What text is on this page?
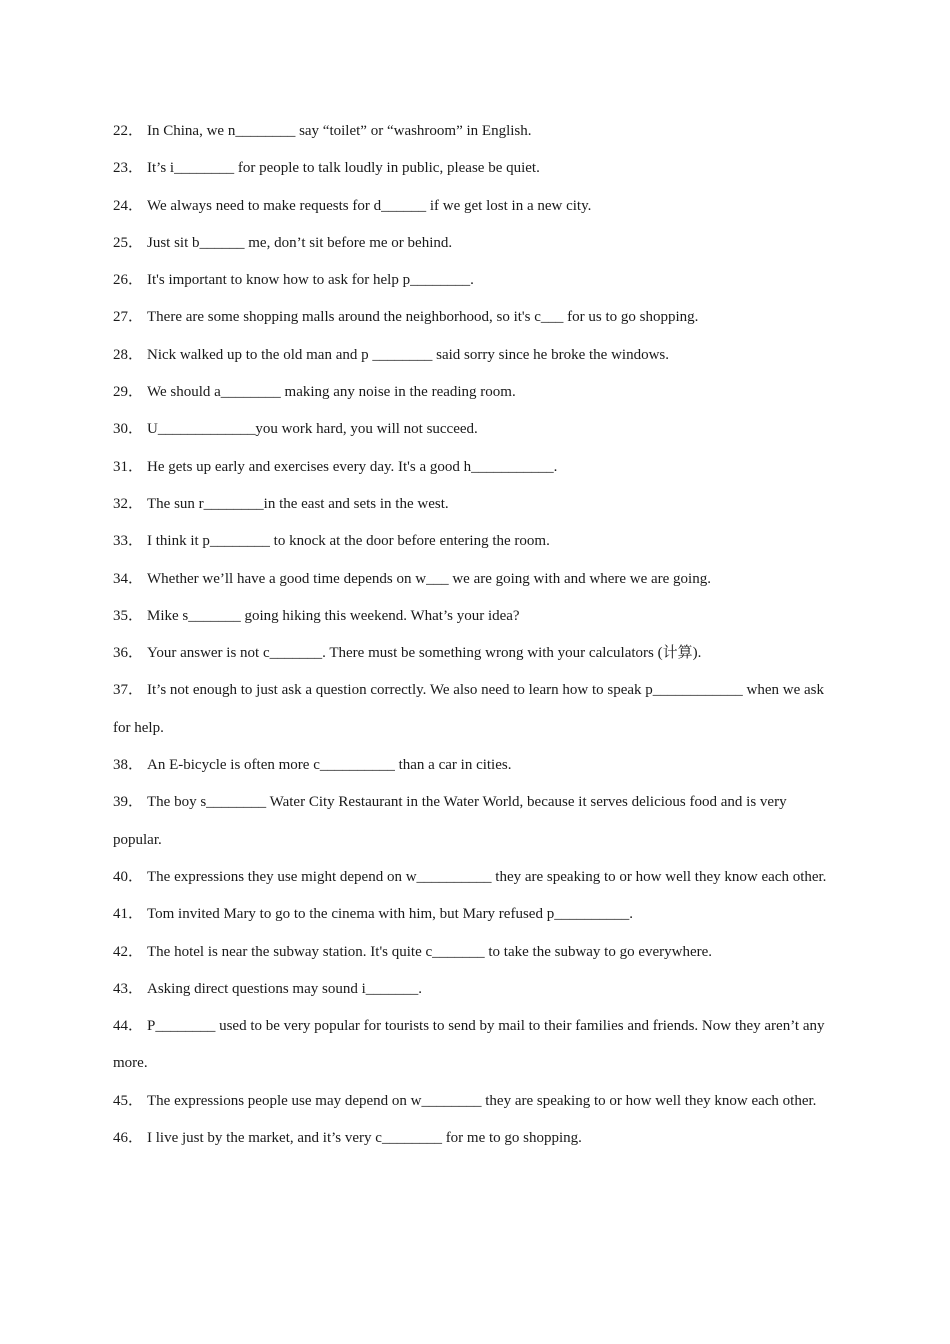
22． In China, we n________ say “toilet” or “washroom” in English.

23． It’s i________ for people to talk loudly in public, please be quiet.

24． We always need to make requests for d______ if we get lost in a new city.

25． Just sit b______ me, don’t sit before me or behind.

26． It's important to know how to ask for help p________.

27． There are some shopping malls around the neighborhood, so it's c___ for us to go shopping.

28． Nick walked up to the old man and p ________ said sorry since he broke the windows.

29． We should a________ making any noise in the reading room.

30． U_____________you work hard, you will not succeed.

31． He gets up early and exercises every day. It's a good h___________.

32． The sun r________in the east and sets in the west.

33． I think it p________ to knock at the door before entering the room.

34． Whether we’ll have a good time depends on w___ we are going with and where we are going.

35． Mike s_______ going hiking this weekend. What’s your idea?

36． Your answer is not c_______. There must be something wrong with your calculators (计算).

37． It’s not enough to just ask a question correctly. We also need to learn how to speak p____________ when we ask for help.

38． An E-bicycle is often more c__________ than a car in cities.

39． The boy s________ Water City Restaurant in the Water World, because it serves delicious food and is very popular.

40． The expressions they use might depend on w__________ they are speaking to or how well they know each other.

41． Tom invited Mary to go to the cinema with him, but Mary refused p__________.

42． The hotel is near the subway station. It's quite c_______ to take the subway to go everywhere.

43． Asking direct questions may sound i_______.

44． P________ used to be very popular for tourists to send by mail to their families and friends. Now they aren’t any more.

45． The expressions people use may depend on w________ they are speaking to or how well they know each other.

46． I live just by the market, and it’s very c________ for me to go shopping.
